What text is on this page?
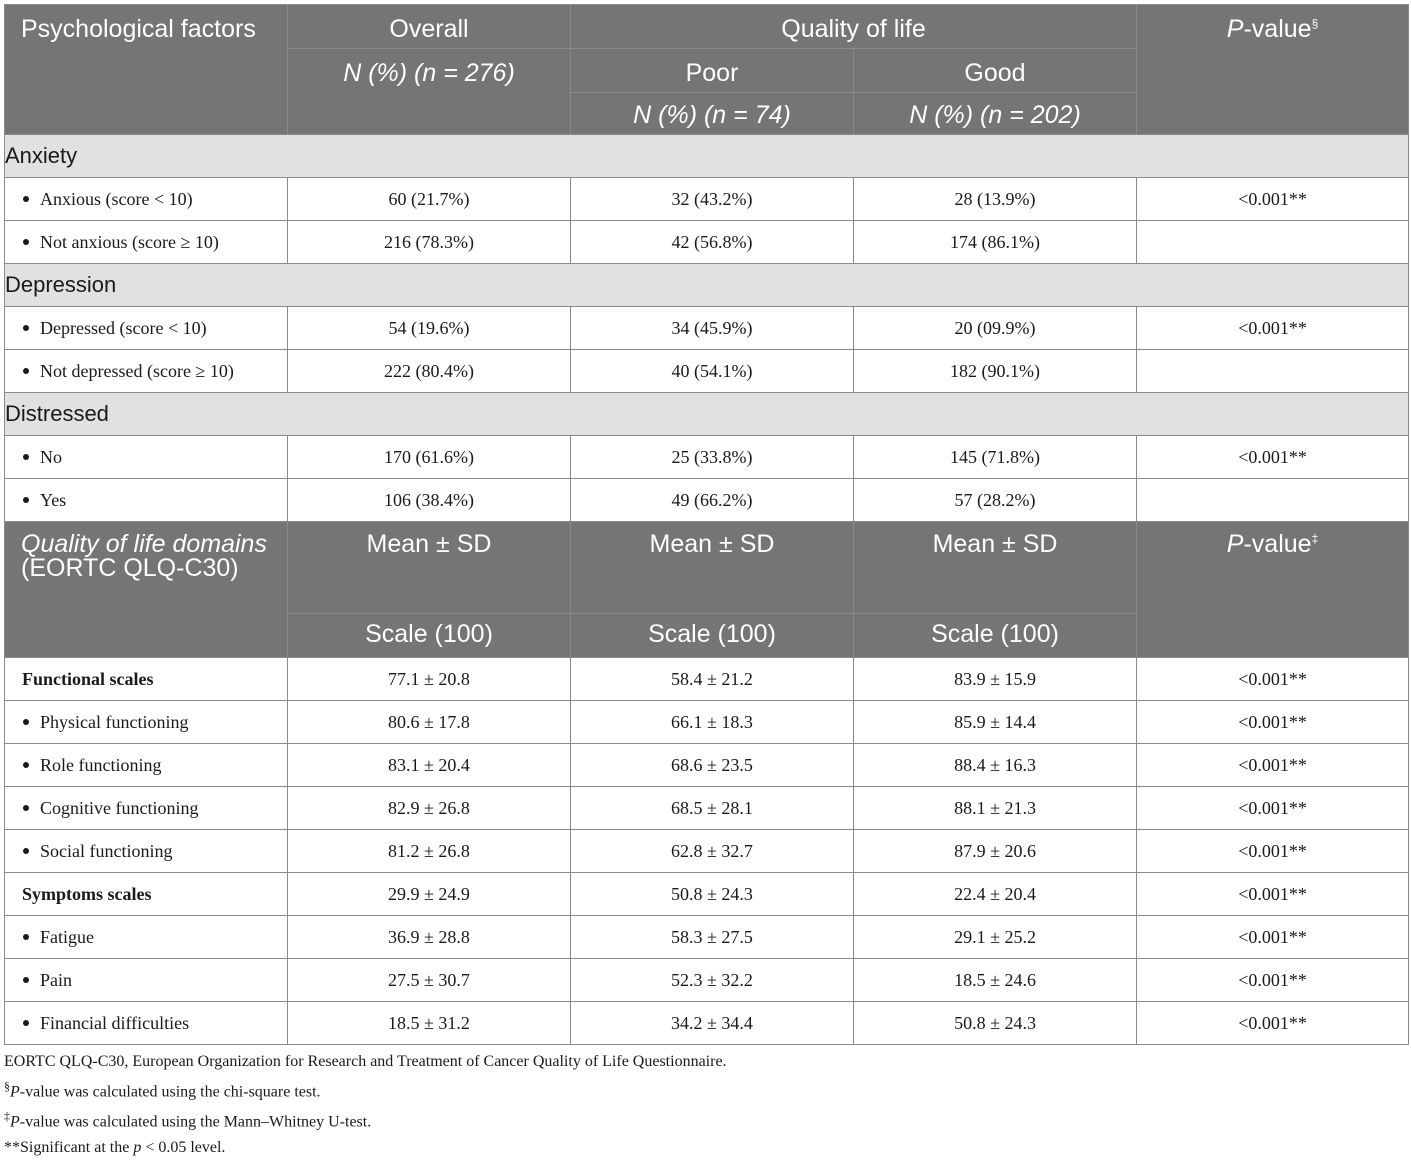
Psychological factors	Overall	Quality of life		P-value§
	N (%) (n = 276)	Poor	Good	
		N (%) (n = 74)	N (%) (n = 202)	
Anxiety				
Anxious (score < 10)	60 (21.7%)	32 (43.2%)	28 (13.9%)	<0.001**
Not anxious (score ≥ 10)	216 (78.3%)	42 (56.8%)	174 (86.1%)	
Depression				
Depressed (score < 10)	54 (19.6%)	34 (45.9%)	20 (09.9%)	<0.001**
Not depressed (score ≥ 10)	222 (80.4%)	40 (54.1%)	182 (90.1%)	
Distressed				
No	170 (61.6%)	25 (33.8%)	145 (71.8%)	<0.001**
Yes	106 (38.4%)	49 (66.2%)	57 (28.2%)	
Quality of life domains (EORTC QLQ-C30)	Mean ± SD	Mean ± SD	Mean ± SD	P-value‡
	Scale (100)	Scale (100)	Scale (100)	
Functional scales	77.1 ± 20.8	58.4 ± 21.2	83.9 ± 15.9	<0.001**
Physical functioning	80.6 ± 17.8	66.1 ± 18.3	85.9 ± 14.4	<0.001**
Role functioning	83.1 ± 20.4	68.6 ± 23.5	88.4 ± 16.3	<0.001**
Cognitive functioning	82.9 ± 26.8	68.5 ± 28.1	88.1 ± 21.3	<0.001**
Social functioning	81.2 ± 26.8	62.8 ± 32.7	87.9 ± 20.6	<0.001**
Symptoms scales	29.9 ± 24.9	50.8 ± 24.3	22.4 ± 20.4	<0.001**
Fatigue	36.9 ± 28.8	58.3 ± 27.5	29.1 ± 25.2	<0.001**
Pain	27.5 ± 30.7	52.3 ± 32.2	18.5 ± 24.6	<0.001**
Financial difficulties	18.5 ± 31.2	34.2 ± 34.4	50.8 ± 24.3	<0.001**

EORTC QLQ-C30, European Organization for Research and Treatment of Cancer Quality of Life Questionnaire.

§P-value was calculated using the chi-square test.

‡P-value was calculated using the Mann–Whitney U-test.

**Significant at the p < 0.05 level.
